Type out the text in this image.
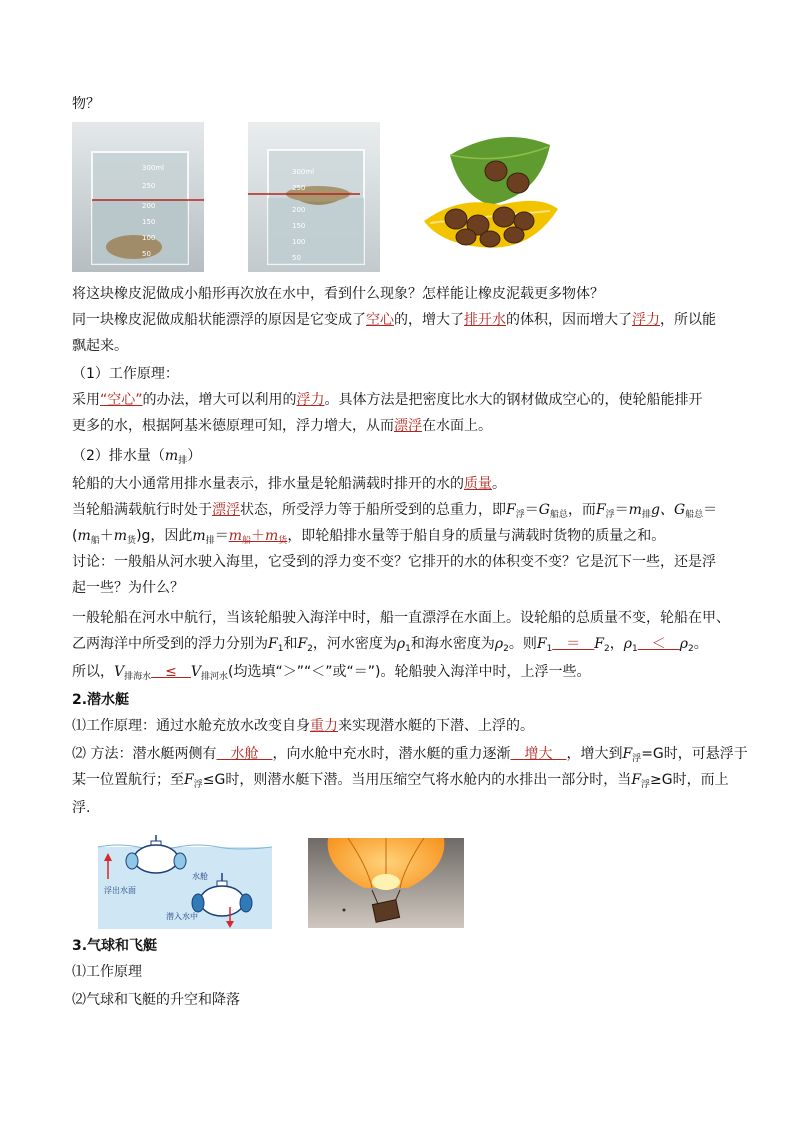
物？
300ml
250
200
150
100
50
300ml
250
200
150
100
50
将这块橡皮泥做成小船形再次放在水中，看到什么现象？怎样能让橡皮泥载更多物体？
同一块橡皮泥做成船状能漂浮的原因是它变成了空心的，增大了排开水的体积，因而增大了浮力，所以能
飘起来。
（1）工作原理：
采用“空心”的办法，增大可以利用的浮力。具体方法是把密度比水大的钢材做成空心的，使轮船能排开
更多的水，根据阿基米德原理可知，浮力增大，从而漂浮在水面上。
（2）排水量$(m_排)$
轮船的大小通常用排水量表示，排水量是轮船满载时排开的水的质量。
当轮船满载航行时处于漂浮状态，所受浮力等于船所受到的总重力，即$F_浮=G_{船总}$，而$F_浮=m_排g$、$G_{船总}=$
$(m_船+m_货)g$，因此$m_排=m_船+m_货$，即轮船排水量等于船自身的质量与满载时货物的质量之和。
讨论：一般船从河水驶入海里，它受到的浮力变不变？它排开的水的体积变不变？它是沉下一些，还是浮
起一些？为什么？
一般轮船在河水中航行，当该轮船驶入海洋中时，船一直漂浮在水面上。设轮船的总质量不变，轮船在甲、
乙两海洋中所受到的浮力分别为$F_1$和$F_2$，河水密度为$\rho_1$和海水密度为$\rho_2$。则$F_1\_=\_F_2$，$\rho_1\_<\_\rho_2$。
所以，$V_{排海水}\_\le\_V_{排河水}$(均选填“＞”“＜”或“＝”)。轮船驶入海洋中时，上浮一些。
2.潜水艇
⑴工作原理：通过水舱充放水改变自身重力来实现潜水艇的下潜、上浮的。
⑵ 方法：潜水艇两侧有＿水舱＿，向水舱中充水时，潜水艇的重力逐渐＿增大＿，增大到$F_浮=G$时，可悬浮于
某一位置航行；至$F_浮\le G$时，则潜水艇下潜。当用压缩空气将水舱内的水排出一部分时，当$F_浮\ge G$时，而上
浮.
浮出水面
水舱
潜入水中
3.气球和飞艇
⑴工作原理
⑵气球和飞艇的升空和降落
